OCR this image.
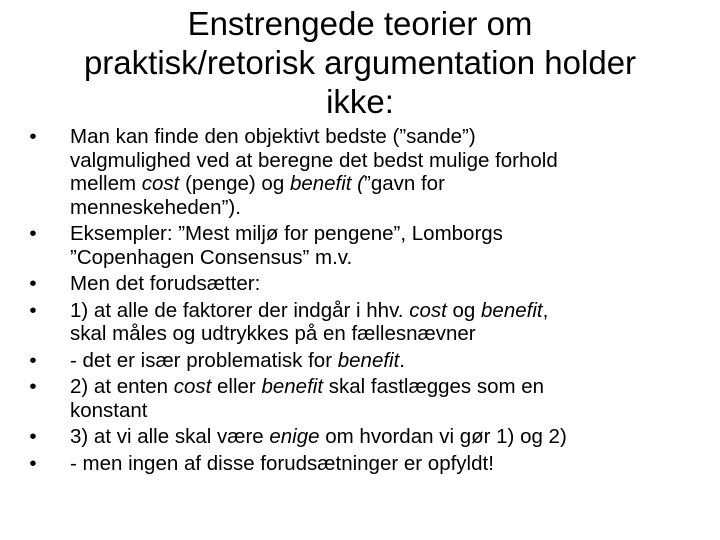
Enstrengede teorier om
praktisk/retorisk argumentation holder
ikke:
• Man kan finde den objektivt bedste (”sande”)
valgmulighed ved at beregne det bedst mulige forhold
mellem cost (penge) og benefit (”gavn for
menneskeheden”).
• Eksempler: ”Mest miljø for pengene”, Lomborgs
”Copenhagen Consensus” m.v.
• Men det forudsætter:
• 1) at alle de faktorer der indgår i hhv. cost og benefit,
skal måles og udtrykkes på en fællesnævner
• - det er især problematisk for benefit.
• 2) at enten cost eller benefit skal fastlægges som en
konstant
• 3) at vi alle skal være enige om hvordan vi gør 1) og 2)
• - men ingen af disse forudsætninger er opfyldt!
